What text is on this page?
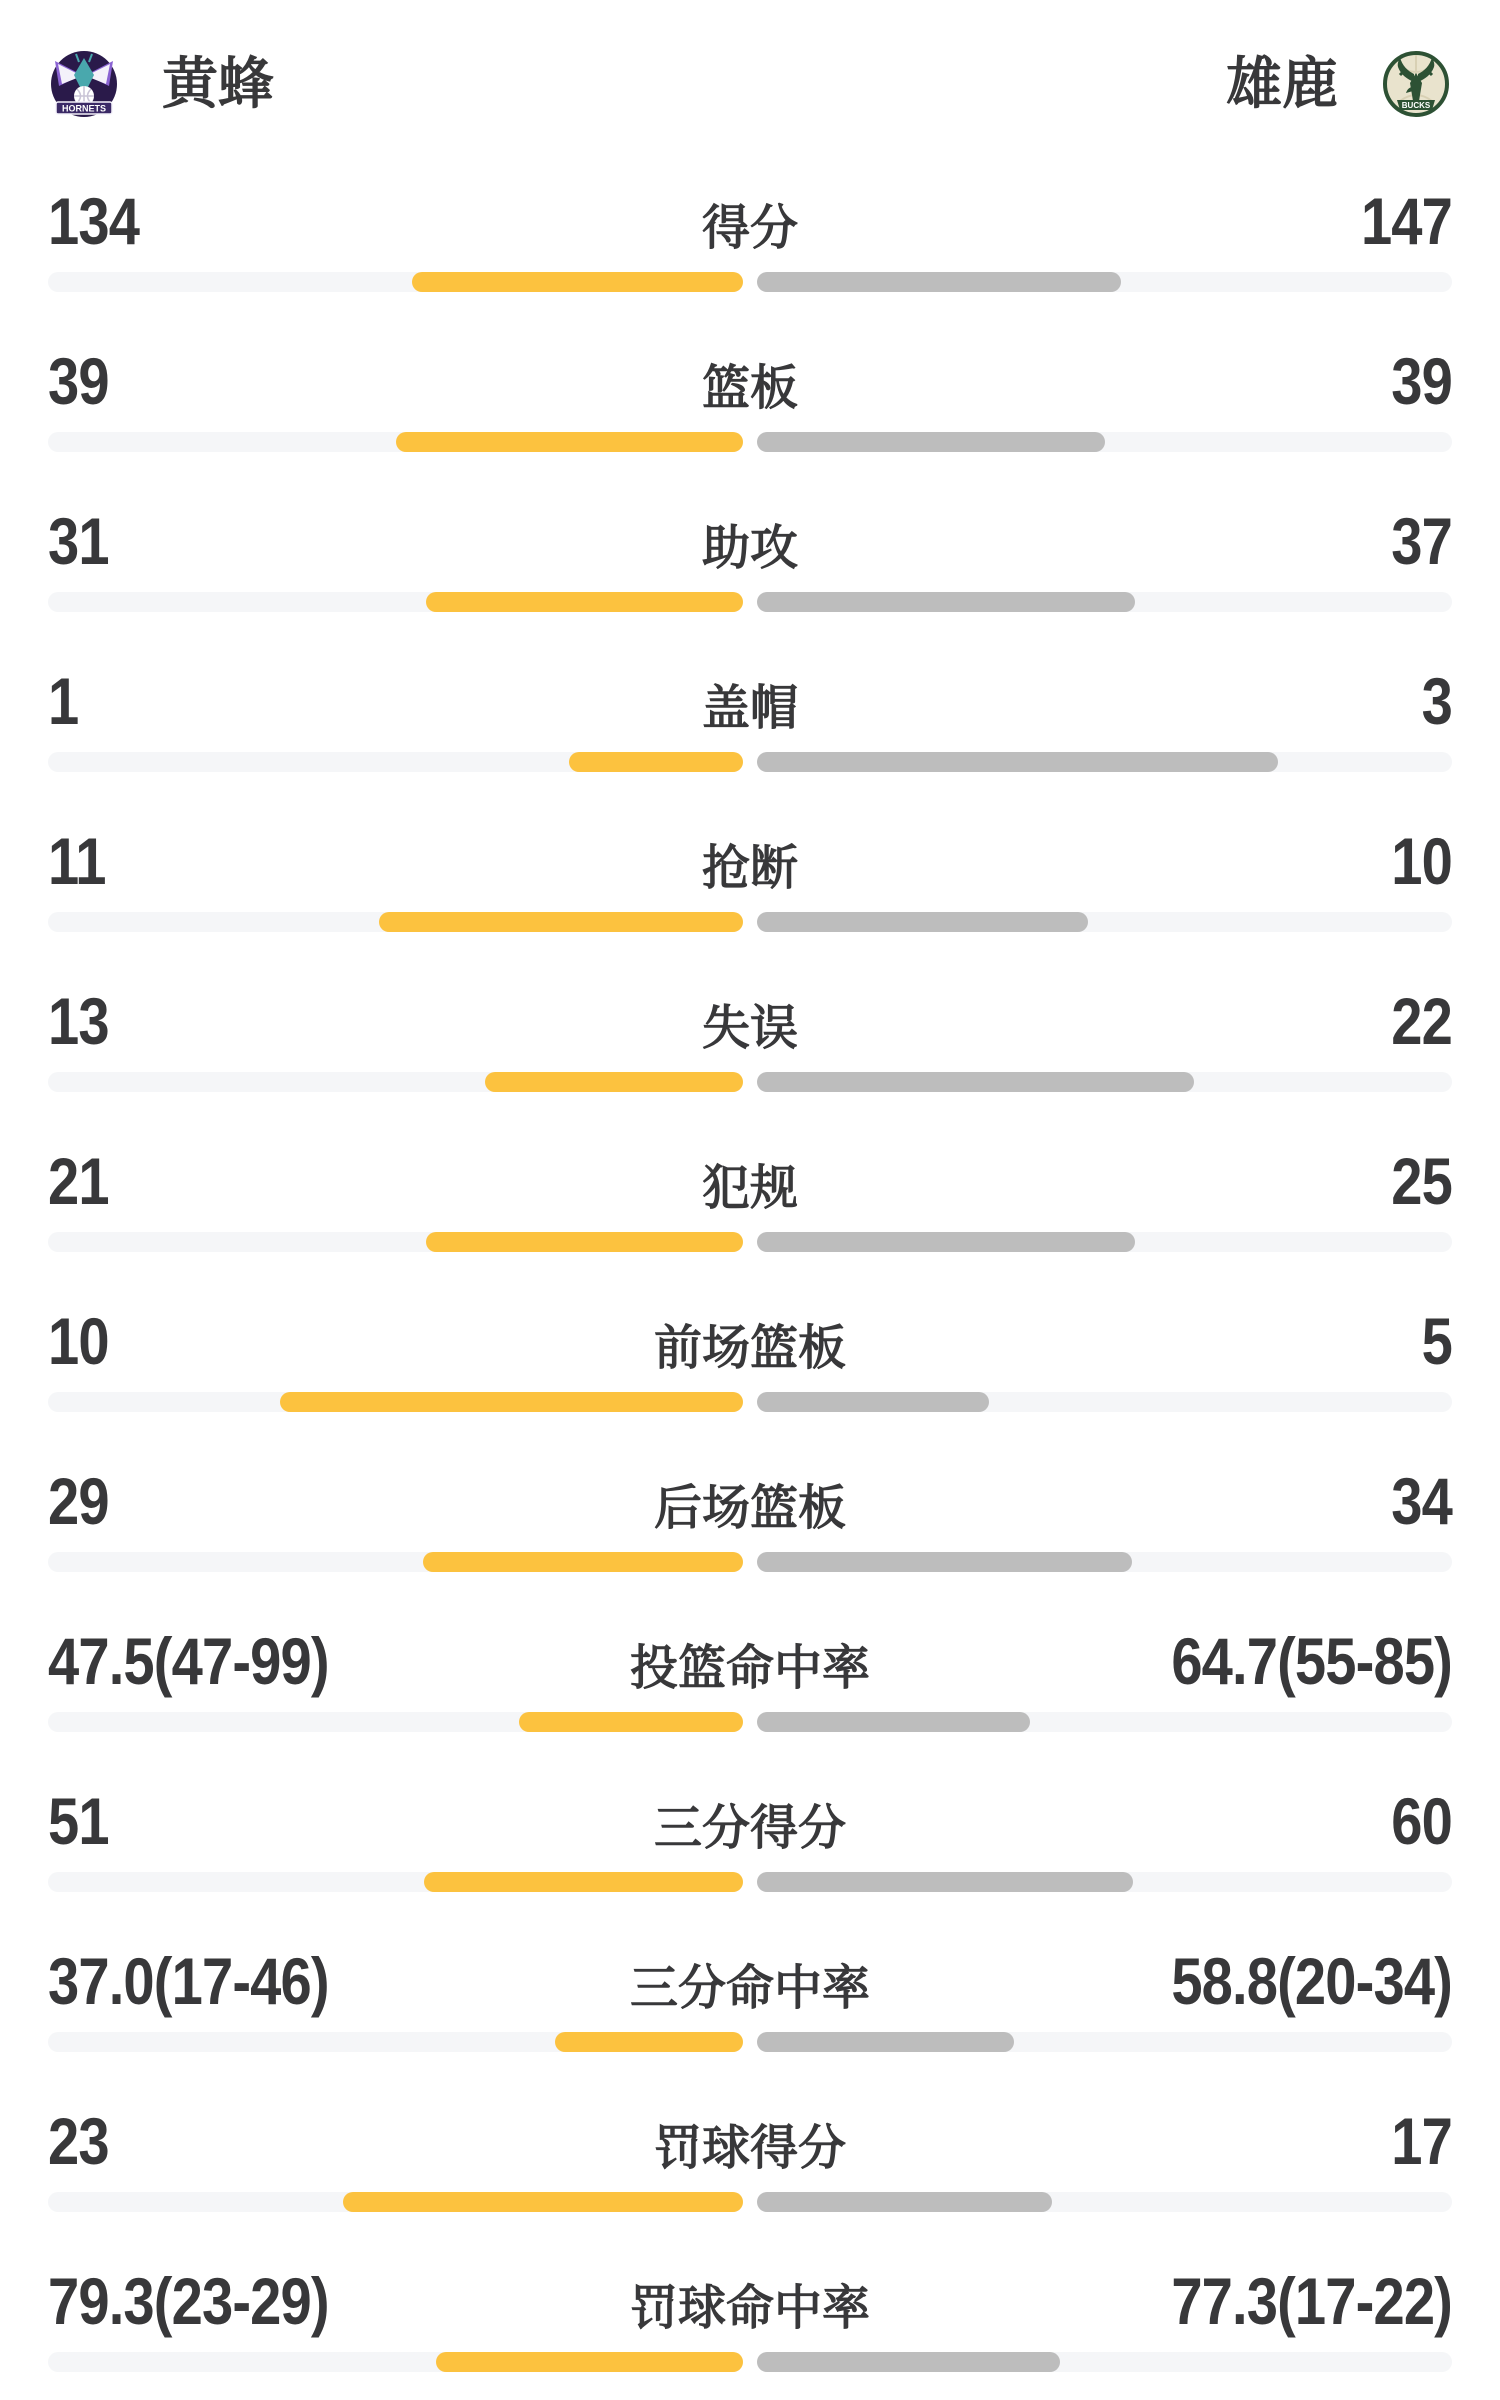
HORNETS 黄蜂	雄鹿	BUCKS
134	得分	147
39	篮板	39
31	助攻	37
1	盖帽	3
11	抢断	10
13	失误	22
21	犯规	25
10	前场篮板	5
29	后场篮板	34
47.5(47-99)	投篮命中率	64.7(55-85)
51	三分得分	60
37.0(17-46)	三分命中率	58.8(20-34)
23	罚球得分	17
79.3(23-29)	罚球命中率	77.3(17-22)
